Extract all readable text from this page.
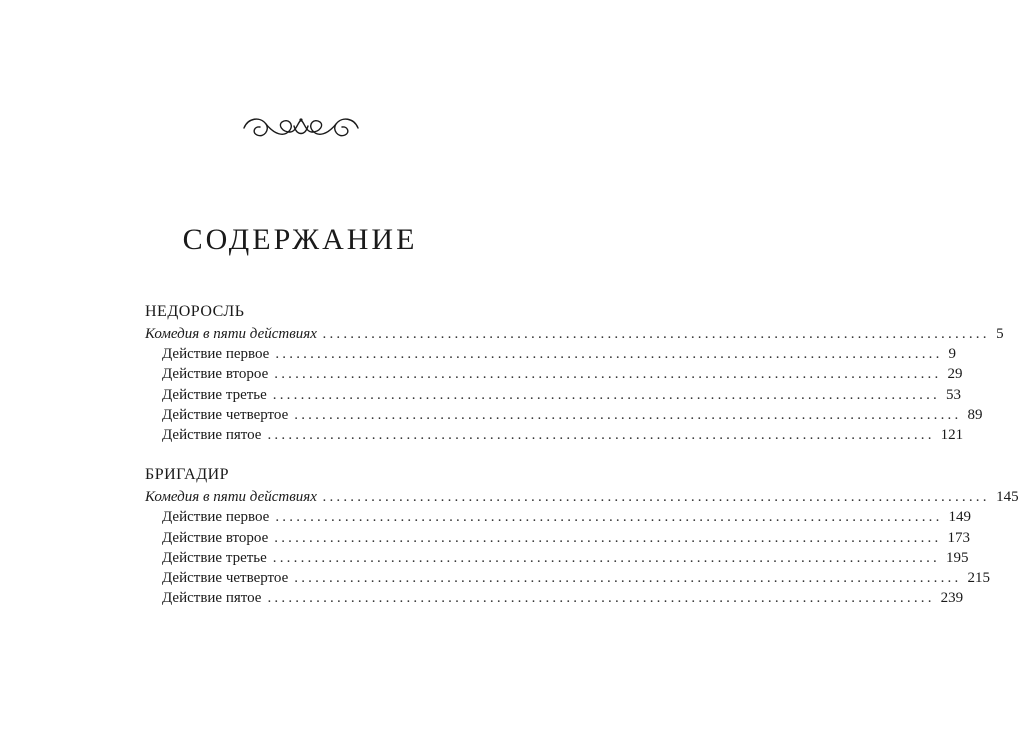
СОДЕРЖАНИЕ
НЕДОРОСЛЬ
Комедия в пяти действиях ................................................................................................ 5
Действие первое ................................................................................................ 9
Действие второе ................................................................................................ 29
Действие третье ................................................................................................ 53
Действие четвертое ................................................................................................ 89
Действие пятое ................................................................................................ 121
БРИГАДИР
Комедия в пяти действиях ................................................................................................ 145
Действие первое ................................................................................................ 149
Действие второе ................................................................................................ 173
Действие третье ................................................................................................ 195
Действие четвертое ................................................................................................ 215
Действие пятое ................................................................................................ 239
